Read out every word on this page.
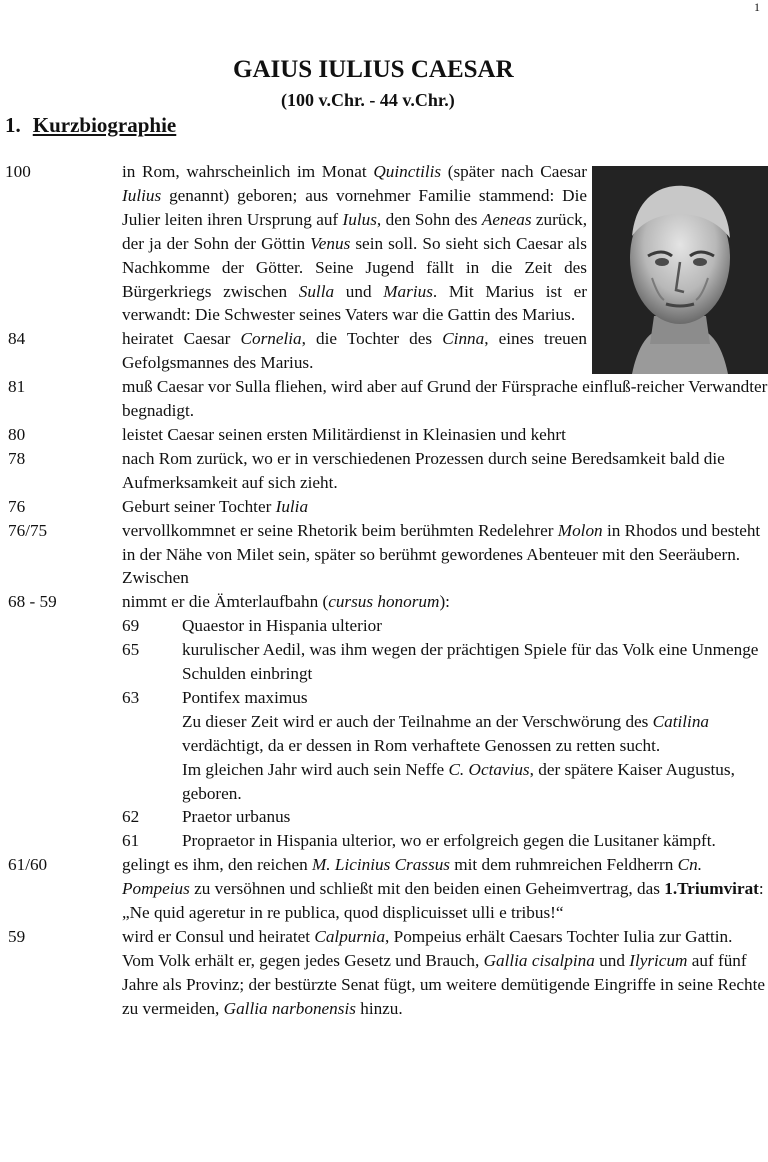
1
GAIUS IULIUS CAESAR
(100 v.Chr. - 44 v.Chr.)
1. Kurzbiographie
100	in Rom, wahrscheinlich im Monat Quinctilis (später nach Caesar Iulius genannt) geboren; aus vornehmer Familie stammend: Die Julier leiten ihren Ursprung auf Iulus, den Sohn des Aeneas zurück, der ja der Sohn der Göttin Venus sein soll. So sieht sich Caesar als Nachkomme der Götter. Seine Jugend fällt in die Zeit des Bürgerkriegs zwischen Sulla und Marius. Mit Marius ist er verwandt: Die Schwester seines Vaters war die Gattin des Marius.
84	heiratet Caesar Cornelia, die Tochter des Cinna, eines treuen Gefolgsmannes des Marius.
81	muß Caesar vor Sulla fliehen, wird aber auf Grund der Fürsprache einfluß-reicher Verwandter begnadigt.
80	leistet Caesar seinen ersten Militärdienst in Kleinasien und kehrt
78	nach Rom zurück, wo er in verschiedenen Prozessen durch seine Beredsamkeit bald die Aufmerksamkeit auf sich zieht.
76	Geburt seiner Tochter Iulia
76/75	vervollkommnet er seine Rhetorik beim berühmten Redelehrer Molon in Rhodos und besteht in der Nähe von Milet sein, später so berühmt gewordenes Abenteuer mit den Seeräubern. Zwischen
68 - 59	nimmt er die Ämterlaufbahn (cursus honorum):
69 Quaestor in Hispania ulterior
65 kurulischer Aedil, was ihm wegen der prächtigen Spiele für das Volk eine Unmenge Schulden einbringt
63 Pontifex maximus
Zu dieser Zeit wird er auch der Teilnahme an der Verschwörung des Catilina verdächtigt, da er dessen in Rom verhaftete Genossen zu retten sucht.
Im gleichen Jahr wird auch sein Neffe C. Octavius, der spätere Kaiser Augustus, geboren.
62 Praetor urbanus
61 Propraetor in Hispania ulterior, wo er erfolgreich gegen die Lusitaner kämpft.
61/60	gelingt es ihm, den reichen M. Licinius Crassus mit dem ruhmreichen Feldherrn Cn. Pompeius zu versöhnen und schließt mit den beiden einen Geheimvertrag, das 1.Triumvirat: „Ne quid ageretur in re publica, quod displicuisset ulli e tribus!“
59	wird er Consul und heiratet Calpurnia, Pompeius erhält Caesars Tochter Iulia zur Gattin.
Vom Volk erhält er, gegen jedes Gesetz und Brauch, Gallia cisalpina und Ilyricum auf fünf Jahre als Provinz; der bestürzte Senat fügt, um weitere demütigende Eingriffe in seine Rechte zu vermeiden, Gallia narbonensis hinzu.
